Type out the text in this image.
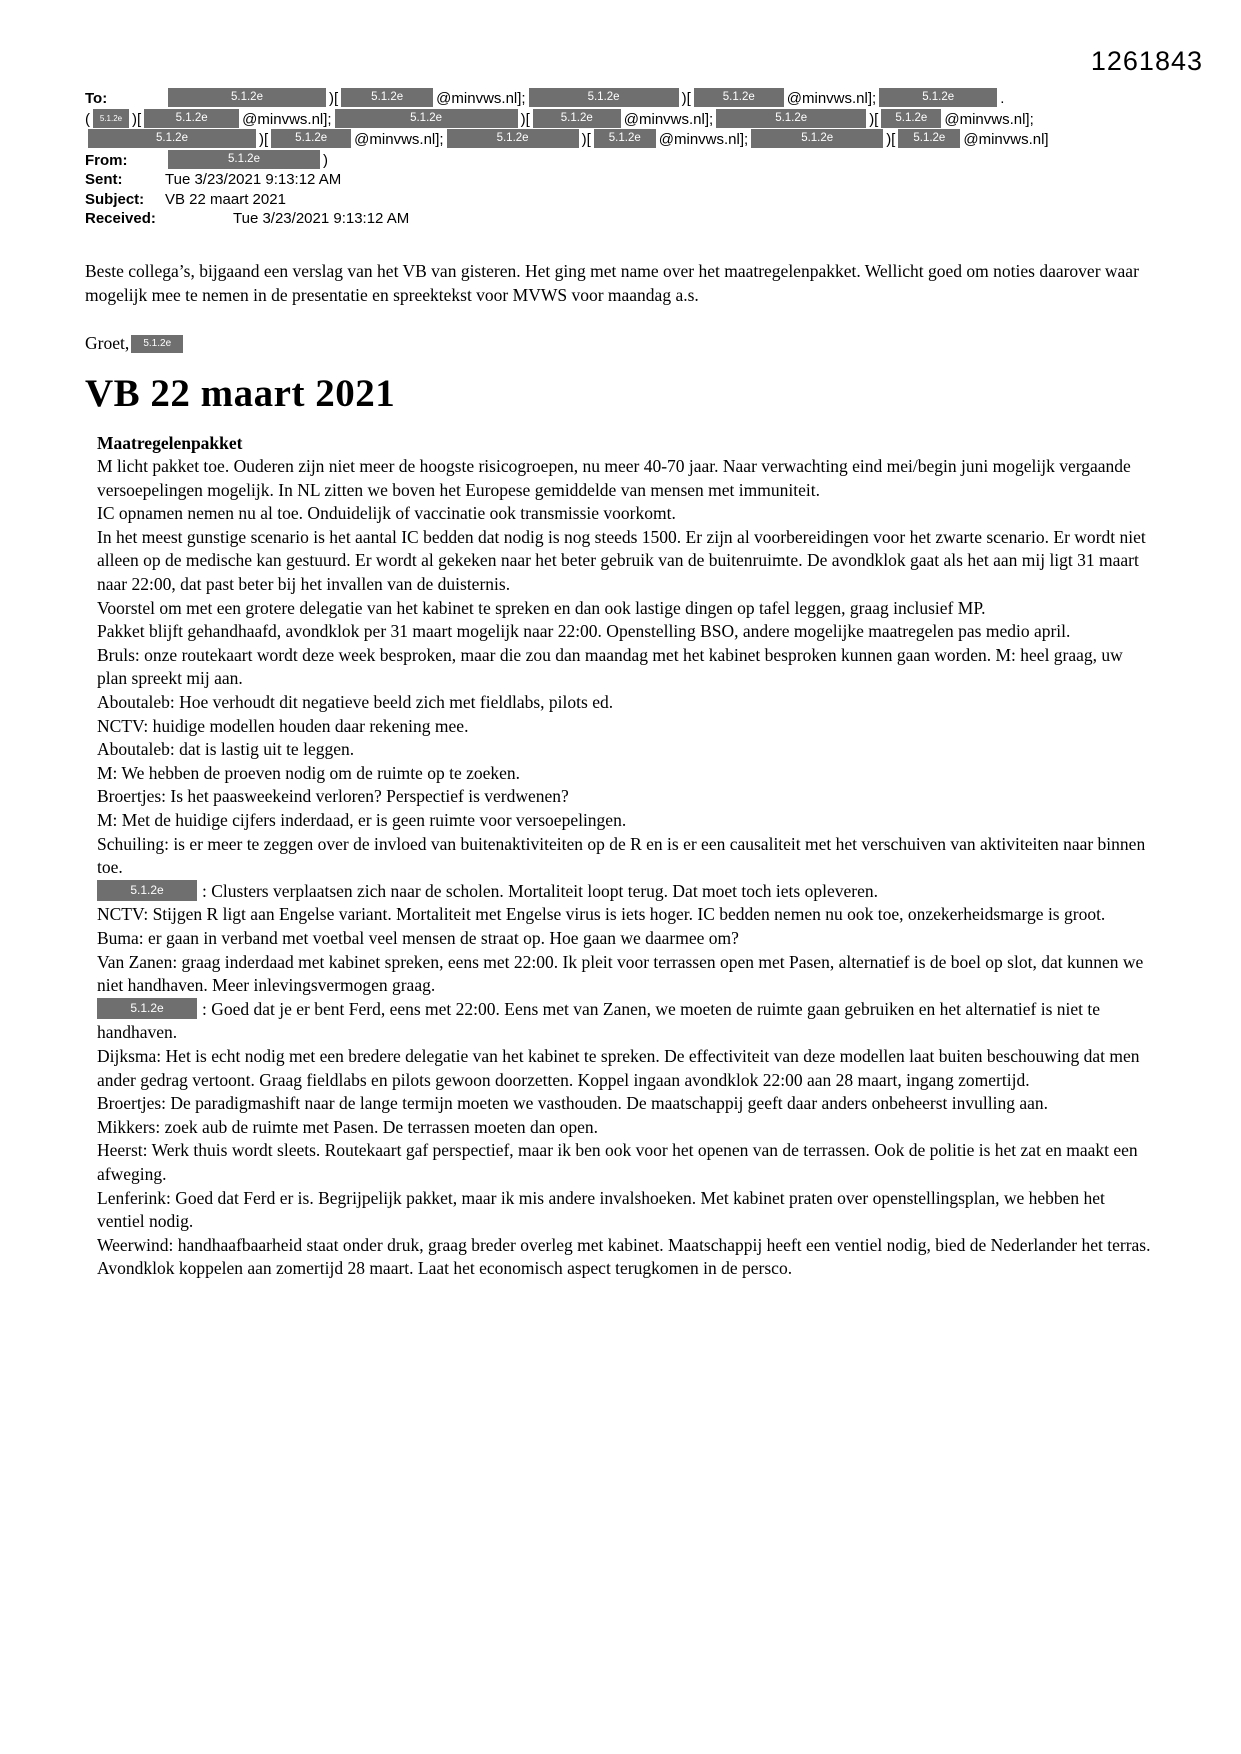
1261843
To:	5.1.2e	)[	5.1.2e @minvws.nl];	5.1.2e	)[	5.1.2e @minvws.nl];	5.1.2e	.
( 5.1.2e )[	5.1.2e @minvws.nl];	5.1.2e	)[	5.1.2e @minvws.nl];	5.1.2e	)[ 5.1.2e @minvws.nl];
5.1.2e	)[ 5.1.2e @minvws.nl];	5.1.2e	)[ 5.1.2e @minvws.nl];	5.1.2e	)[ 5.1.2e @minvws.nl]
From:	5.1.2e	)
Sent:	Tue 3/23/2021 9:13:12 AM
Subject: VB 22 maart 2021
Received:	Tue 3/23/2021 9:13:12 AM

Beste collega’s, bijgaand een verslag van het VB van gisteren. Het ging met name over het maatregelenpakket. Wellicht goed om noties daarover waar mogelijk mee te nemen in de presentatie en spreektekst voor MVWS voor maandag a.s.

Groet, 5.1.2e
VB 22 maart 2021
Maatregelenpakket

M licht pakket toe. Ouderen zijn niet meer de hoogste risicogroepen, nu meer 40-70 jaar. Naar verwachting eind mei/begin juni mogelijk vergaande versoepelingen mogelijk. In NL zitten we boven het Europese gemiddelde van mensen met immuniteit.

IC opnamen nemen nu al toe. Onduidelijk of vaccinatie ook transmissie voorkomt.

In het meest gunstige scenario is het aantal IC bedden dat nodig is nog steeds 1500. Er zijn al voorbereidingen voor het zwarte scenario. Er wordt niet alleen op de medische kan gestuurd. Er wordt al gekeken naar het beter gebruik van de buitenruimte. De avondklok gaat als het aan mij ligt 31 maart naar 22:00, dat past beter bij het invallen van de duisternis.

Voorstel om met een grotere delegatie van het kabinet te spreken en dan ook lastige dingen op tafel leggen, graag inclusief MP.

Pakket blijft gehandhaafd, avondklok per 31 maart mogelijk naar 22:00. Openstelling BSO, andere mogelijke maatregelen pas medio april.

Bruls: onze routekaart wordt deze week besproken, maar die zou dan maandag met het kabinet besproken kunnen gaan worden. M: heel graag, uw plan spreekt mij aan.

Aboutaleb: Hoe verhoudt dit negatieve beeld zich met fieldlabs, pilots ed.

NCTV: huidige modellen houden daar rekening mee.

Aboutaleb: dat is lastig uit te leggen.

M: We hebben de proeven nodig om de ruimte op te zoeken.

Broertjes: Is het paasweekeind verloren? Perspectief is verdwenen?

M: Met de huidige cijfers inderdaad, er is geen ruimte voor versoepelingen.

Schuiling: is er meer te zeggen over de invloed van buitenaktiviteiten op de R en is er een causaliteit met het verschuiven van aktiviteiten naar binnen toe.

5.1.2e : Clusters verplaatsen zich naar de scholen. Mortaliteit loopt terug. Dat moet toch iets opleveren.

NCTV: Stijgen R ligt aan Engelse variant. Mortaliteit met Engelse virus is iets hoger. IC bedden nemen nu ook toe, onzekerheidsmarge is groot.

Buma: er gaan in verband met voetbal veel mensen de straat op. Hoe gaan we daarmee om?

Van Zanen: graag inderdaad met kabinet spreken, eens met 22:00. Ik pleit voor terrassen open met Pasen, alternatief is de boel op slot, dat kunnen we niet handhaven. Meer inlevingsvermogen graag.

5.1.2e : Goed dat je er bent Ferd, eens met 22:00. Eens met van Zanen, we moeten de ruimte gaan gebruiken en het alternatief is niet te handhaven.

Dijksma: Het is echt nodig met een bredere delegatie van het kabinet te spreken. De effectiviteit van deze modellen laat buiten beschouwing dat men ander gedrag vertoont. Graag fieldlabs en pilots gewoon doorzetten. Koppel ingaan avondklok 22:00 aan 28 maart, ingang zomertijd.

Broertjes: De paradigmashift naar de lange termijn moeten we vasthouden. De maatschappij geeft daar anders onbeheerst invulling aan.

Mikkers: zoek aub de ruimte met Pasen. De terrassen moeten dan open.

Heerst: Werk thuis wordt sleets. Routekaart gaf perspectief, maar ik ben ook voor het openen van de terrassen. Ook de politie is het zat en maakt een afweging.

Lenferink: Goed dat Ferd er is. Begrijpelijk pakket, maar ik mis andere invalshoeken. Met kabinet praten over openstellingsplan, we hebben het ventiel nodig.

Weerwind: handhaafbaarheid staat onder druk, graag breder overleg met kabinet. Maatschappij heeft een ventiel nodig, bied de Nederlander het terras. Avondklok koppelen aan zomertijd 28 maart. Laat het economisch aspect terugkomen in de persco.
